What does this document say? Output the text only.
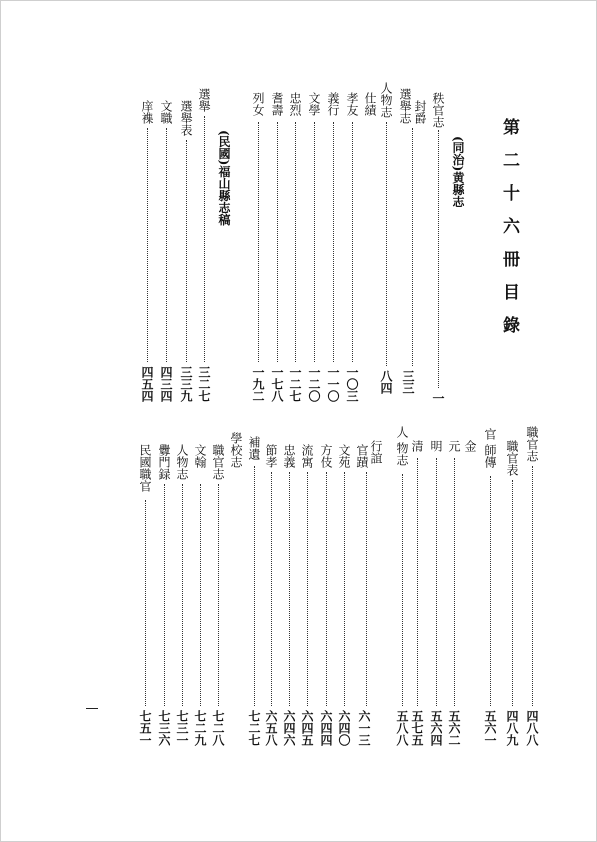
第二十六冊目錄

(同治)黄縣志

秩官志

一

封爵

選舉志

三三

人物志

八四

仕績

孝友

一〇三

義行

一一〇

文學

一二〇

忠烈

一二七

耆壽

一七八

列女

一九二

(民國)福山縣志稿

選舉

三二七

選舉表

三三九

文職

四三四

庠襍

四五四

職官志

四八八

職官表

四八九

官

師傳

五六一

金

元

五六二

明

五六四

清

五七五

人

物志

五八八

行誼

官蹟

六一三

文苑

六四〇

方伎

六四四

流寓

六四五

忠義

六四六

節孝

六五八

補遺

七二七

學校志

職官志

七二八

文翰

七二九

人物志

七三一

釁門録

七三六

民國職官

七五一
